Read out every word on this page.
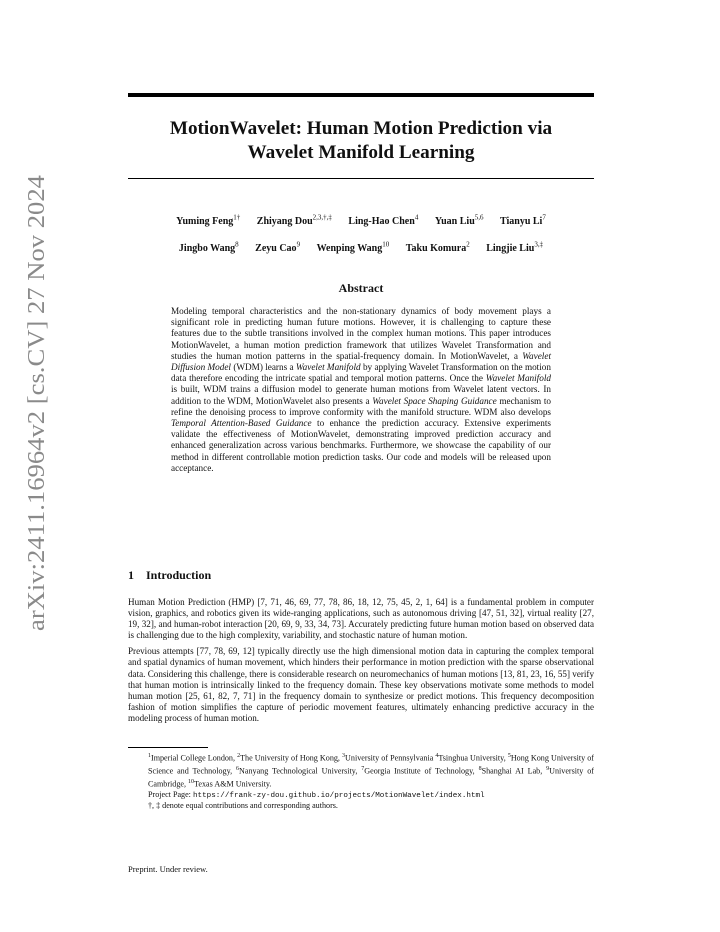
arXiv:2411.16964v2 [cs.CV] 27 Nov 2024
MotionWavelet: Human Motion Prediction via
Wavelet Manifold Learning
Yuming Feng$^{1\dagger}$ Zhiyang Dou$^{2,3,\dagger,\ddagger}$ Ling-Hao Chen$^4$ Yuan Liu$^{5,6}$ Tianyu Li$^7$
Jingbo Wang$^8$ Zeyu Cao$^9$ Wenping Wang$^{10}$ Taku Komura$^2$ Lingjie Liu$^{3,\ddagger}$
Abstract

Modeling temporal characteristics and the non-stationary dynamics of body movement plays a significant role in predicting human future motions. However, it is challenging to capture these features due to the subtle transitions involved in the complex human motions. This paper introduces MotionWavelet, a human motion prediction framework that utilizes Wavelet Transformation and studies the human motion patterns in the spatial-frequency domain. In MotionWavelet, a Wavelet Diffusion Model (WDM) learns a Wavelet Manifold by applying Wavelet Transformation on the motion data therefore encoding the intricate spatial and temporal motion patterns. Once the Wavelet Manifold is built, WDM trains a diffusion model to generate human motions from Wavelet latent vectors. In addition to the WDM, MotionWavelet also presents a Wavelet Space Shaping Guidance mechanism to refine the denoising process to improve conformity with the manifold structure. WDM also develops Temporal Attention-Based Guidance to enhance the prediction accuracy. Extensive experiments validate the effectiveness of MotionWavelet, demonstrating improved prediction accuracy and enhanced generalization across various benchmarks. Furthermore, we showcase the capability of our method in different controllable motion prediction tasks. Our code and models will be released upon acceptance.

1 Introduction

Human Motion Prediction (HMP) [7, 71, 46, 69, 77, 78, 86, 18, 12, 75, 45, 2, 1, 64] is a fundamental problem in computer vision, graphics, and robotics given its wide-ranging applications, such as autonomous driving [47, 51, 32], virtual reality [27, 19, 32], and human-robot interaction [20, 69, 9, 33, 34, 73]. Accurately predicting future human motion based on observed data is challenging due to the high complexity, variability, and stochastic nature of human motion.

Previous attempts [77, 78, 69, 12] typically directly use the high dimensional motion data in capturing the complex temporal and spatial dynamics of human movement, which hinders their performance in motion prediction with the sparse observational data. Considering this challenge, there is considerable research on neuromechanics of human motions [13, 81, 23, 16, 55] verify that human motion is intrinsically linked to the frequency domain. These key observations motivate some methods to model human motion [25, 61, 82, 7, 71] in the frequency domain to synthesize or predict motions. This frequency decomposition fashion of motion simplifies the capture of periodic movement features, ultimately enhancing predictive accuracy in the modeling process of human motion.

$^1$Imperial College London, $^2$The University of Hong Kong, $^3$University of Pennsylvania $^4$Tsinghua University, $^5$Hong Kong University of Science and Technology, $^6$Nanyang Technological University, $^7$Georgia Institute of Technology, $^8$Shanghai AI Lab, $^9$University of Cambridge, $^{10}$Texas A&M University.
Project Page: https://frank-zy-dou.github.io/projects/MotionWavelet/index.html
†, ‡ denote equal contributions and corresponding authors.
Preprint. Under review.
